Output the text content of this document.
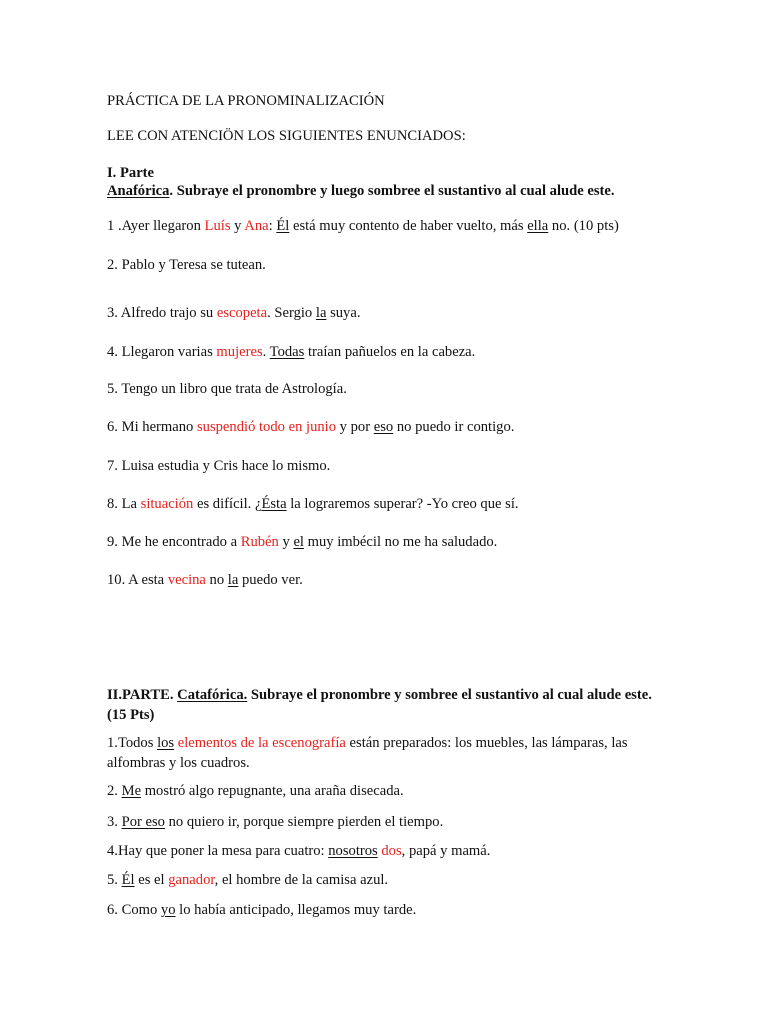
PRÁCTICA DE LA PRONOMINALIZACIÓN
LEE CON ATENCIÖN LOS SIGUIENTES ENUNCIADOS:
I. Parte
Anafórica. Subraye el pronombre y luego sombree el sustantivo al cual alude este.
1 .Ayer llegaron Luís y Ana: Él está muy contento de haber vuelto, más ella no. (10 pts)
2. Pablo y Teresa se tutean.
3. Alfredo trajo su escopeta. Sergio la suya.
4. Llegaron varias mujeres. Todas traían pañuelos en la cabeza.
5. Tengo un libro que trata de Astrología.
6. Mi hermano suspendió todo en junio y por eso no puedo ir contigo.
7. Luisa estudia y Cris hace lo mismo.
8. La situación es difícil. ¿Ésta la lograremos superar? -Yo creo que sí.
9. Me he encontrado a Rubén y el muy imbécil no me ha saludado.
10. A esta vecina no la puedo ver.
II.PARTE. Catafórica. Subraye el pronombre y sombree el sustantivo al cual alude este. (15 Pts)
1.Todos los elementos de la escenografía están preparados: los muebles, las lámparas, las alfombras y los cuadros.
2. Me mostró algo repugnante, una araña disecada.
3. Por eso no quiero ir, porque siempre pierden el tiempo.
4.Hay que poner la mesa para cuatro: nosotros dos, papá y mamá.
5. Él es el ganador, el hombre de la camisa azul.
6. Como yo lo había anticipado, llegamos muy tarde.
